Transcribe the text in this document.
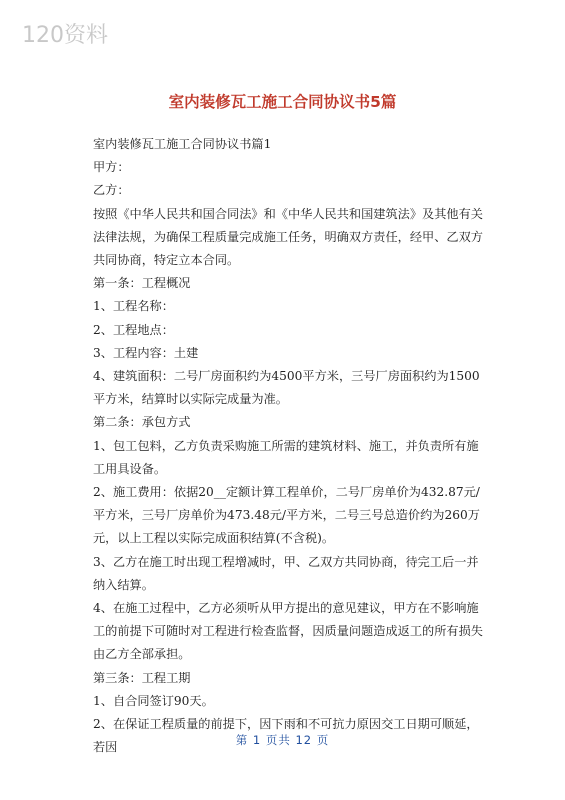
120资料
室内装修瓦工施工合同协议书5篇

室内装修瓦工施工合同协议书篇1

甲方：

乙方：

按照《中华人民共和国合同法》和《中华人民共和国建筑法》及其他有关法律法规，为确保工程质量完成施工任务，明确双方责任，经甲、乙双方共同协商，特定立本合同。

第一条：工程概况

1、工程名称：

2、工程地点：

3、工程内容：土建

4、建筑面积：二号厂房面积约为4500平方米，三号厂房面积约为1500平方米，结算时以实际完成量为准。

第二条：承包方式

1、包工包料，乙方负责采购施工所需的建筑材料、施工，并负责所有施工用具设备。

2、施工费用：依据20__定额计算工程单价，二号厂房单价为432.87元/平方米，三号厂房单价为473.48元/平方米，二号三号总造价约为260万元，以上工程以实际完成面积结算(不含税)。

3、乙方在施工时出现工程增减时，甲、乙双方共同协商，待完工后一并纳入结算。

4、在施工过程中，乙方必须听从甲方提出的意见建议，甲方在不影响施工的前提下可随时对工程进行检查监督，因质量问题造成返工的所有损失由乙方全部承担。

第三条：工程工期

1、自合同签订90天。

2、在保证工程质量的前提下，因下雨和不可抗力原因交工日期可顺延，若因

第 1 页共 12 页
